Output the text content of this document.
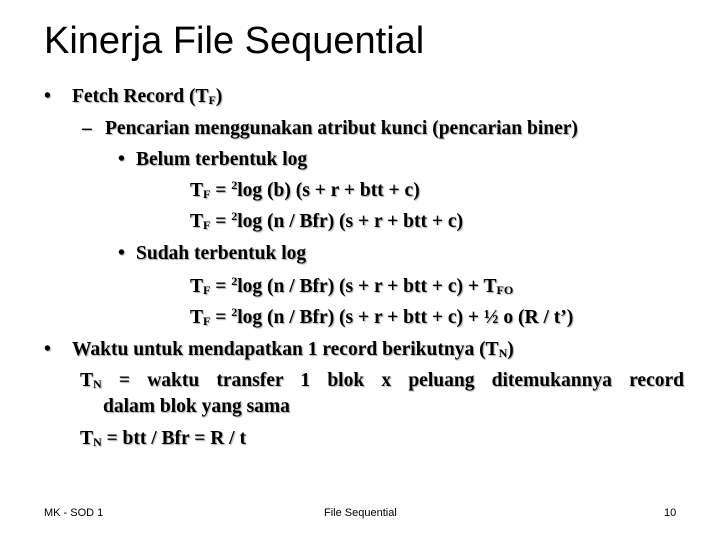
Kinerja File Sequential
• Fetch Record $(T_F)$
– Pencarian menggunakan atribut kunci (pencarian biner)
• Belum terbentuk log
$T_F = ^2\log$ (b) (s + r + btt + c)
$T_F = ^2\log$ (n / Bfr) (s + r + btt + c)
• Sudah terbentuk log
$T_F = ^2\log$ (n / Bfr) (s + r + btt + $c) + T_{FO}$
$T_F = ^2\log$ (n / Bfr) (s + r + btt + c) + ½ o (R / t’)
• Waktu untuk mendapatkan 1 record berikutnya $(T_N)$
$T_N$ = waktu transfer 1 blok x peluang ditemukannya record
dalam blok yang sama
$T_N$ = btt / Bfr = R / t
MK - SOD 1	File Sequential	10
